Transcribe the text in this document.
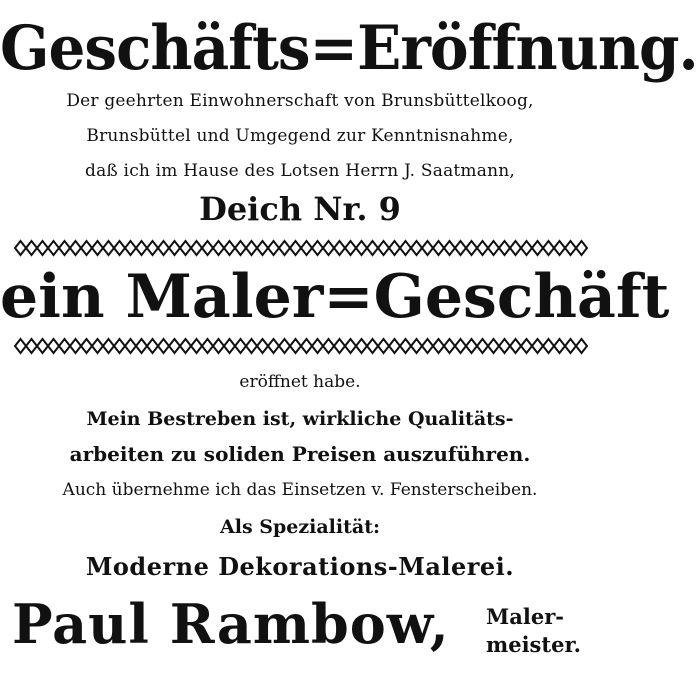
Geschäfts=Eröffnung.
Der geehrten Einwohnerschaft von Brunsbüttelkoog,
Brunsbüttel und Umgegend zur Kenntnisnahme,
daß ich im Hause des Lotsen Herrn J. Saatmann,
Deich Nr. 9
ein Maler=Geschäft
eröffnet habe.
Mein Bestreben ist, wirkliche Qualitäts-
arbeiten zu soliden Preisen auszuführen.
Auch übernehme ich das Einsetzen v. Fensterscheiben.
Als Spezialität:
Moderne Dekorations-Malerei.
Paul Rambow, Maler-
meister.
